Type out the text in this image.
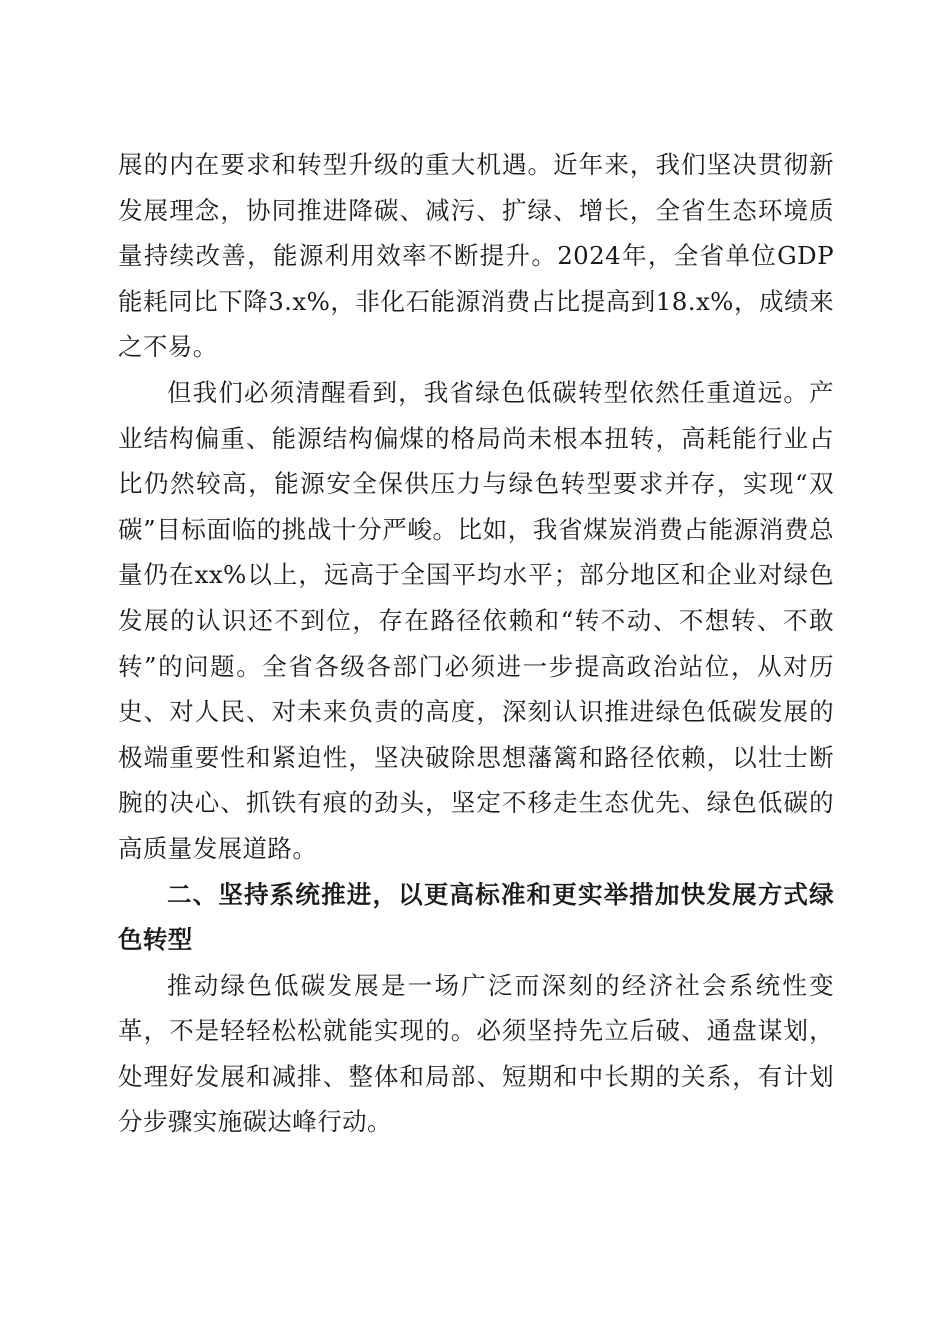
展的内在要求和转型升级的重大机遇。近年来，我们坚决贯彻新发展理念，协同推进降碳、减污、扩绿、增长，全省生态环境质量持续改善，能源利用效率不断提升。2024年，全省单位GDP能耗同比下降3.x%，非化石能源消费占比提高到18.x%，成绩来之不易。

但我们必须清醒看到，我省绿色低碳转型依然任重道远。产业结构偏重、能源结构偏煤的格局尚未根本扭转，高耗能行业占比仍然较高，能源安全保供压力与绿色转型要求并存，实现“双碳”目标面临的挑战十分严峻。比如，我省煤炭消费占能源消费总量仍在xx%以上，远高于全国平均水平；部分地区和企业对绿色发展的认识还不到位，存在路径依赖和“转不动、不想转、不敢转”的问题。全省各级各部门必须进一步提高政治站位，从对历史、对人民、对未来负责的高度，深刻认识推进绿色低碳发展的极端重要性和紧迫性，坚决破除思想藩篱和路径依赖，以壮士断腕的决心、抓铁有痕的劲头，坚定不移走生态优先、绿色低碳的高质量发展道路。

二、坚持系统推进，以更高标准和更实举措加快发展方式绿色转型

推动绿色低碳发展是一场广泛而深刻的经济社会系统性变革，不是轻轻松松就能实现的。必须坚持先立后破、通盘谋划，处理好发展和减排、整体和局部、短期和中长期的关系，有计划分步骤实施碳达峰行动。
